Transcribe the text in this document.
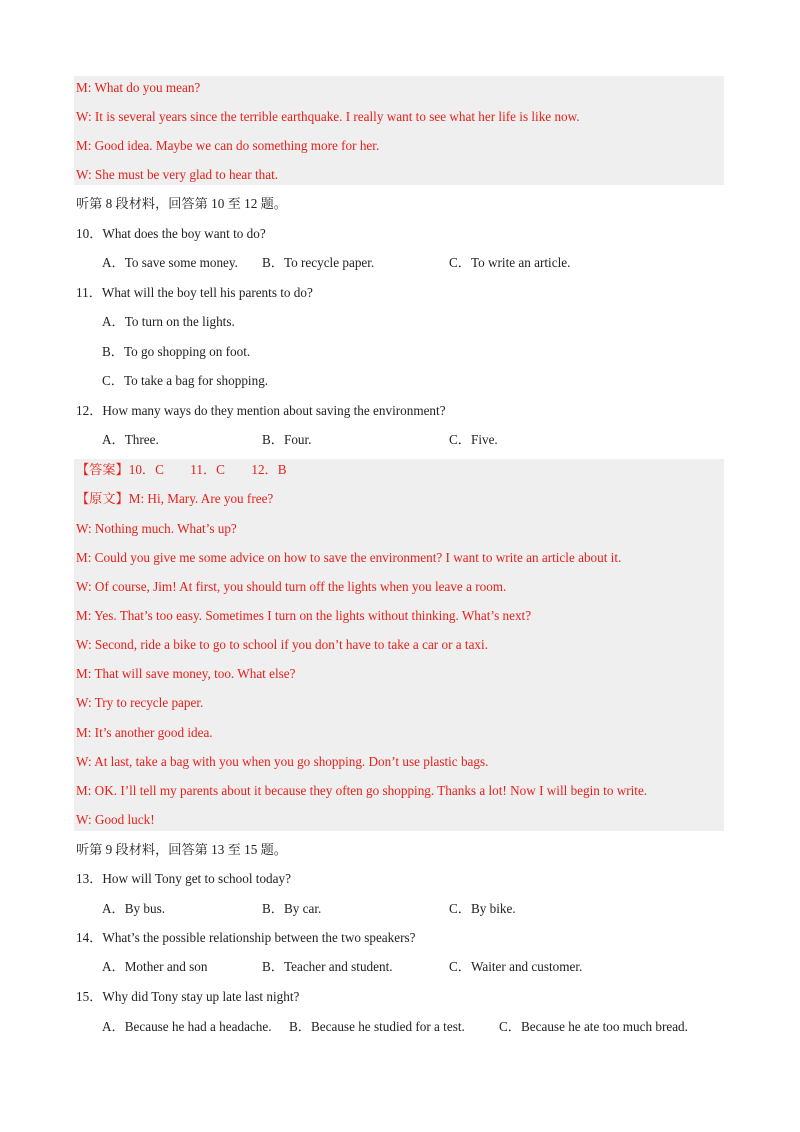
M: What do you mean?
W: It is several years since the terrible earthquake. I really want to see what her life is like now.
M: Good idea. Maybe we can do something more for her.
W: She must be very glad to hear that.
听第 8 段材料，回答第 10 至 12 题。
10．What does the boy want to do?
A．To save some money. B．To recycle paper.	C．To write an article.
11．What will the boy tell his parents to do?
A．To turn on the lights.
B．To go shopping on foot.
C．To take a bag for shopping.
12．How many ways do they mention about saving the environment?
A．Three.	B．Four.	C．Five.
【答案】10．C　　11．C　　12．B
【原文】M: Hi, Mary. Are you free?
W: Nothing much. What’s up?
M: Could you give me some advice on how to save the environment? I want to write an article about it.
W: Of course, Jim! At first, you should turn off the lights when you leave a room.
M: Yes. That’s too easy. Sometimes I turn on the lights without thinking. What’s next?
W: Second, ride a bike to go to school if you don’t have to take a car or a taxi.
M: That will save money, too. What else?
W: Try to recycle paper.
M: It’s another good idea.
W: At last, take a bag with you when you go shopping. Don’t use plastic bags.
M: OK. I’ll tell my parents about it because they often go shopping. Thanks a lot! Now I will begin to write.
W: Good luck!
听第 9 段材料，回答第 13 至 15 题。
13．How will Tony get to school today?
A．By bus.	B．By car.	C．By bike.
14．What’s the possible relationship between the two speakers?
A．Mother and son	B．Teacher and student.	C．Waiter and customer.
15．Why did Tony stay up late last night?
A．Because he had a headache. B．Because he studied for a test.	C．Because he ate too much bread.
